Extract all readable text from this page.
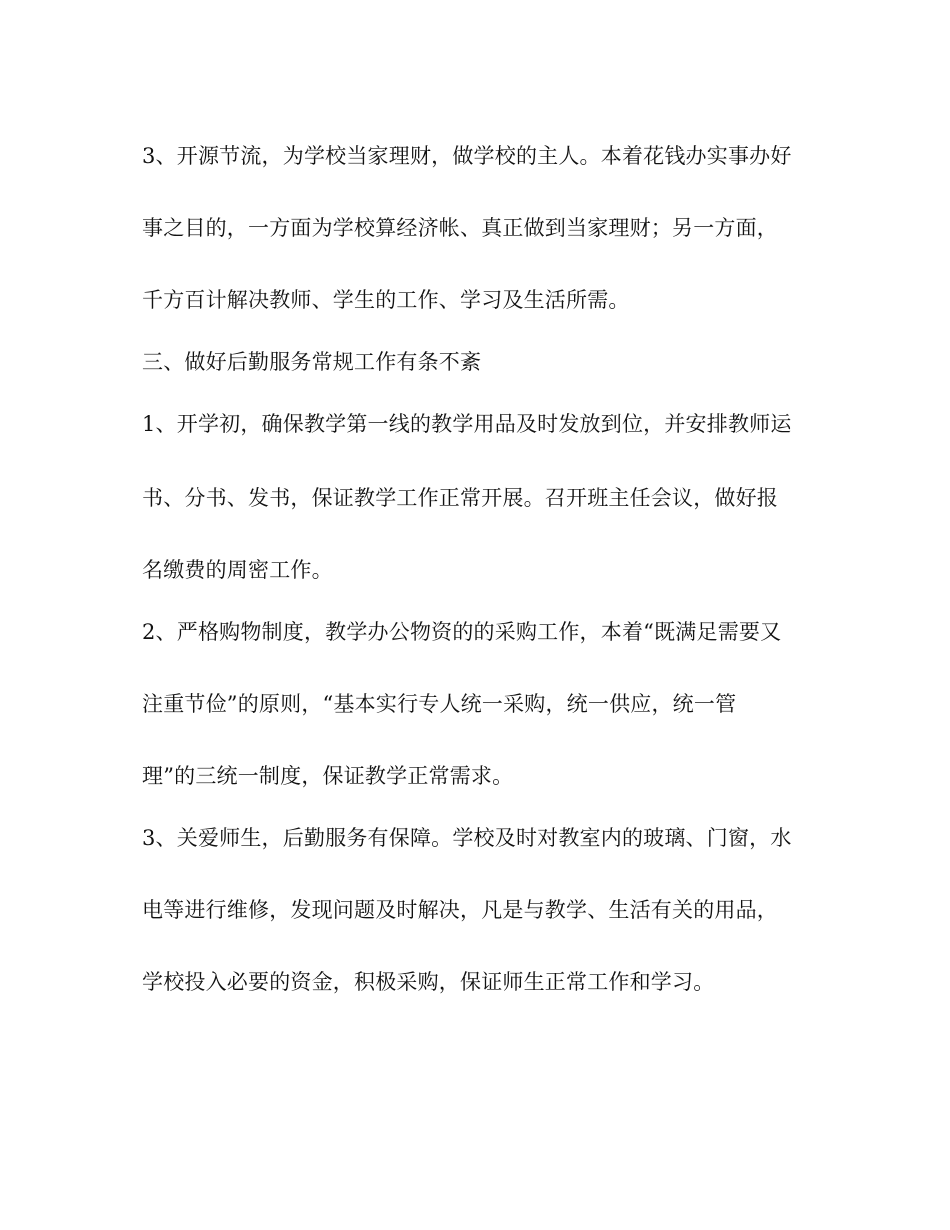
3、开源节流，为学校当家理财，做学校的主人。本着花钱办实事办好
事之目的，一方面为学校算经济帐、真正做到当家理财；另一方面，
千方百计解决教师、学生的工作、学习及生活所需。
三、做好后勤服务常规工作有条不紊
1、开学初，确保教学第一线的教学用品及时发放到位，并安排教师运
书、分书、发书，保证教学工作正常开展。召开班主任会议，做好报
名缴费的周密工作。
2、严格购物制度，教学办公物资的的采购工作，本着“既满足需要又
注重节俭”的原则，“基本实行专人统一采购，统一供应，统一管
理”的三统一制度，保证教学正常需求。
3、关爱师生，后勤服务有保障。学校及时对教室内的玻璃、门窗，水
电等进行维修，发现问题及时解决，凡是与教学、生活有关的用品，
学校投入必要的资金，积极采购，保证师生正常工作和学习。
